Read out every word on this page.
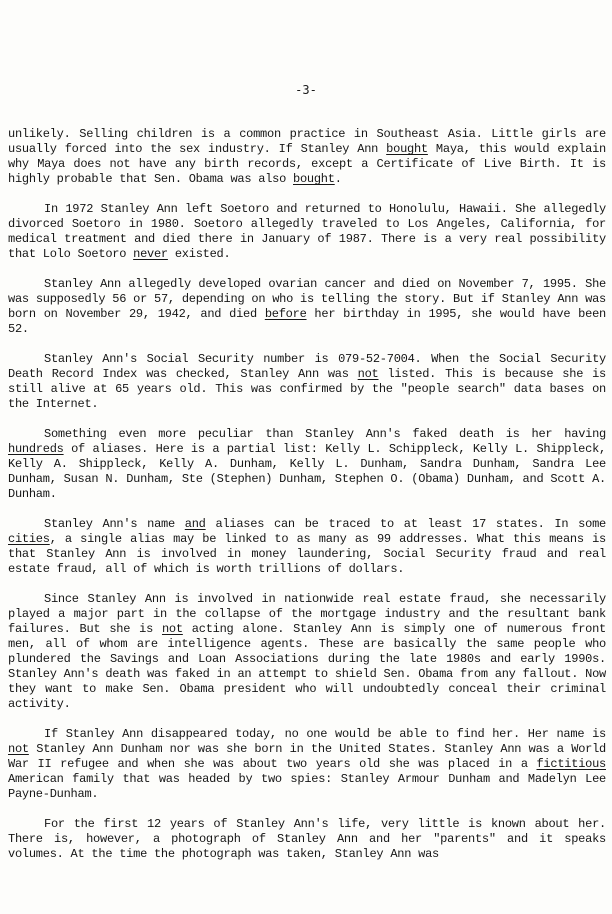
-3-

unlikely. Selling children is a common practice in Southeast Asia. Little girls are usually forced into the sex industry. If Stanley Ann bought Maya, this would explain why Maya does not have any birth records, except a Certificate of Live Birth. It is highly probable that Sen. Obama was also bought.

In 1972 Stanley Ann left Soetoro and returned to Honolulu, Hawaii. She allegedly divorced Soetoro in 1980. Soetoro allegedly traveled to Los Angeles, California, for medical treatment and died there in January of 1987. There is a very real possibility that Lolo Soetoro never existed.

Stanley Ann allegedly developed ovarian cancer and died on November 7, 1995. She was supposedly 56 or 57, depending on who is telling the story. But if Stanley Ann was born on November 29, 1942, and died before her birthday in 1995, she would have been 52.

Stanley Ann's Social Security number is 079-52-7004. When the Social Security Death Record Index was checked, Stanley Ann was not listed. This is because she is still alive at 65 years old. This was confirmed by the "people search" data bases on the Internet.

Something even more peculiar than Stanley Ann's faked death is her having hundreds of aliases. Here is a partial list: Kelly L. Schippleck, Kelly L. Shippleck, Kelly A. Shippleck, Kelly A. Dunham, Kelly L. Dunham, Sandra Dunham, Sandra Lee Dunham, Susan N. Dunham, Ste (Stephen) Dunham, Stephen O. (Obama) Dunham, and Scott A. Dunham.

Stanley Ann's name and aliases can be traced to at least 17 states. In some cities, a single alias may be linked to as many as 99 addresses. What this means is that Stanley Ann is involved in money laundering, Social Security fraud and real estate fraud, all of which is worth trillions of dollars.

Since Stanley Ann is involved in nationwide real estate fraud, she necessarily played a major part in the collapse of the mortgage industry and the resultant bank failures. But she is not acting alone. Stanley Ann is simply one of numerous front men, all of whom are intelligence agents. These are basically the same people who plundered the Savings and Loan Associations during the late 1980s and early 1990s. Stanley Ann's death was faked in an attempt to shield Sen. Obama from any fallout. Now they want to make Sen. Obama president who will undoubtedly conceal their criminal activity.

If Stanley Ann disappeared today, no one would be able to find her. Her name is not Stanley Ann Dunham nor was she born in the United States. Stanley Ann was a World War II refugee and when she was about two years old she was placed in a fictitious American family that was headed by two spies: Stanley Armour Dunham and Madelyn Lee Payne-Dunham.

For the first 12 years of Stanley Ann's life, very little is known about her. There is, however, a photograph of Stanley Ann and her "parents" and it speaks volumes. At the time the photograph was taken, Stanley Ann was
